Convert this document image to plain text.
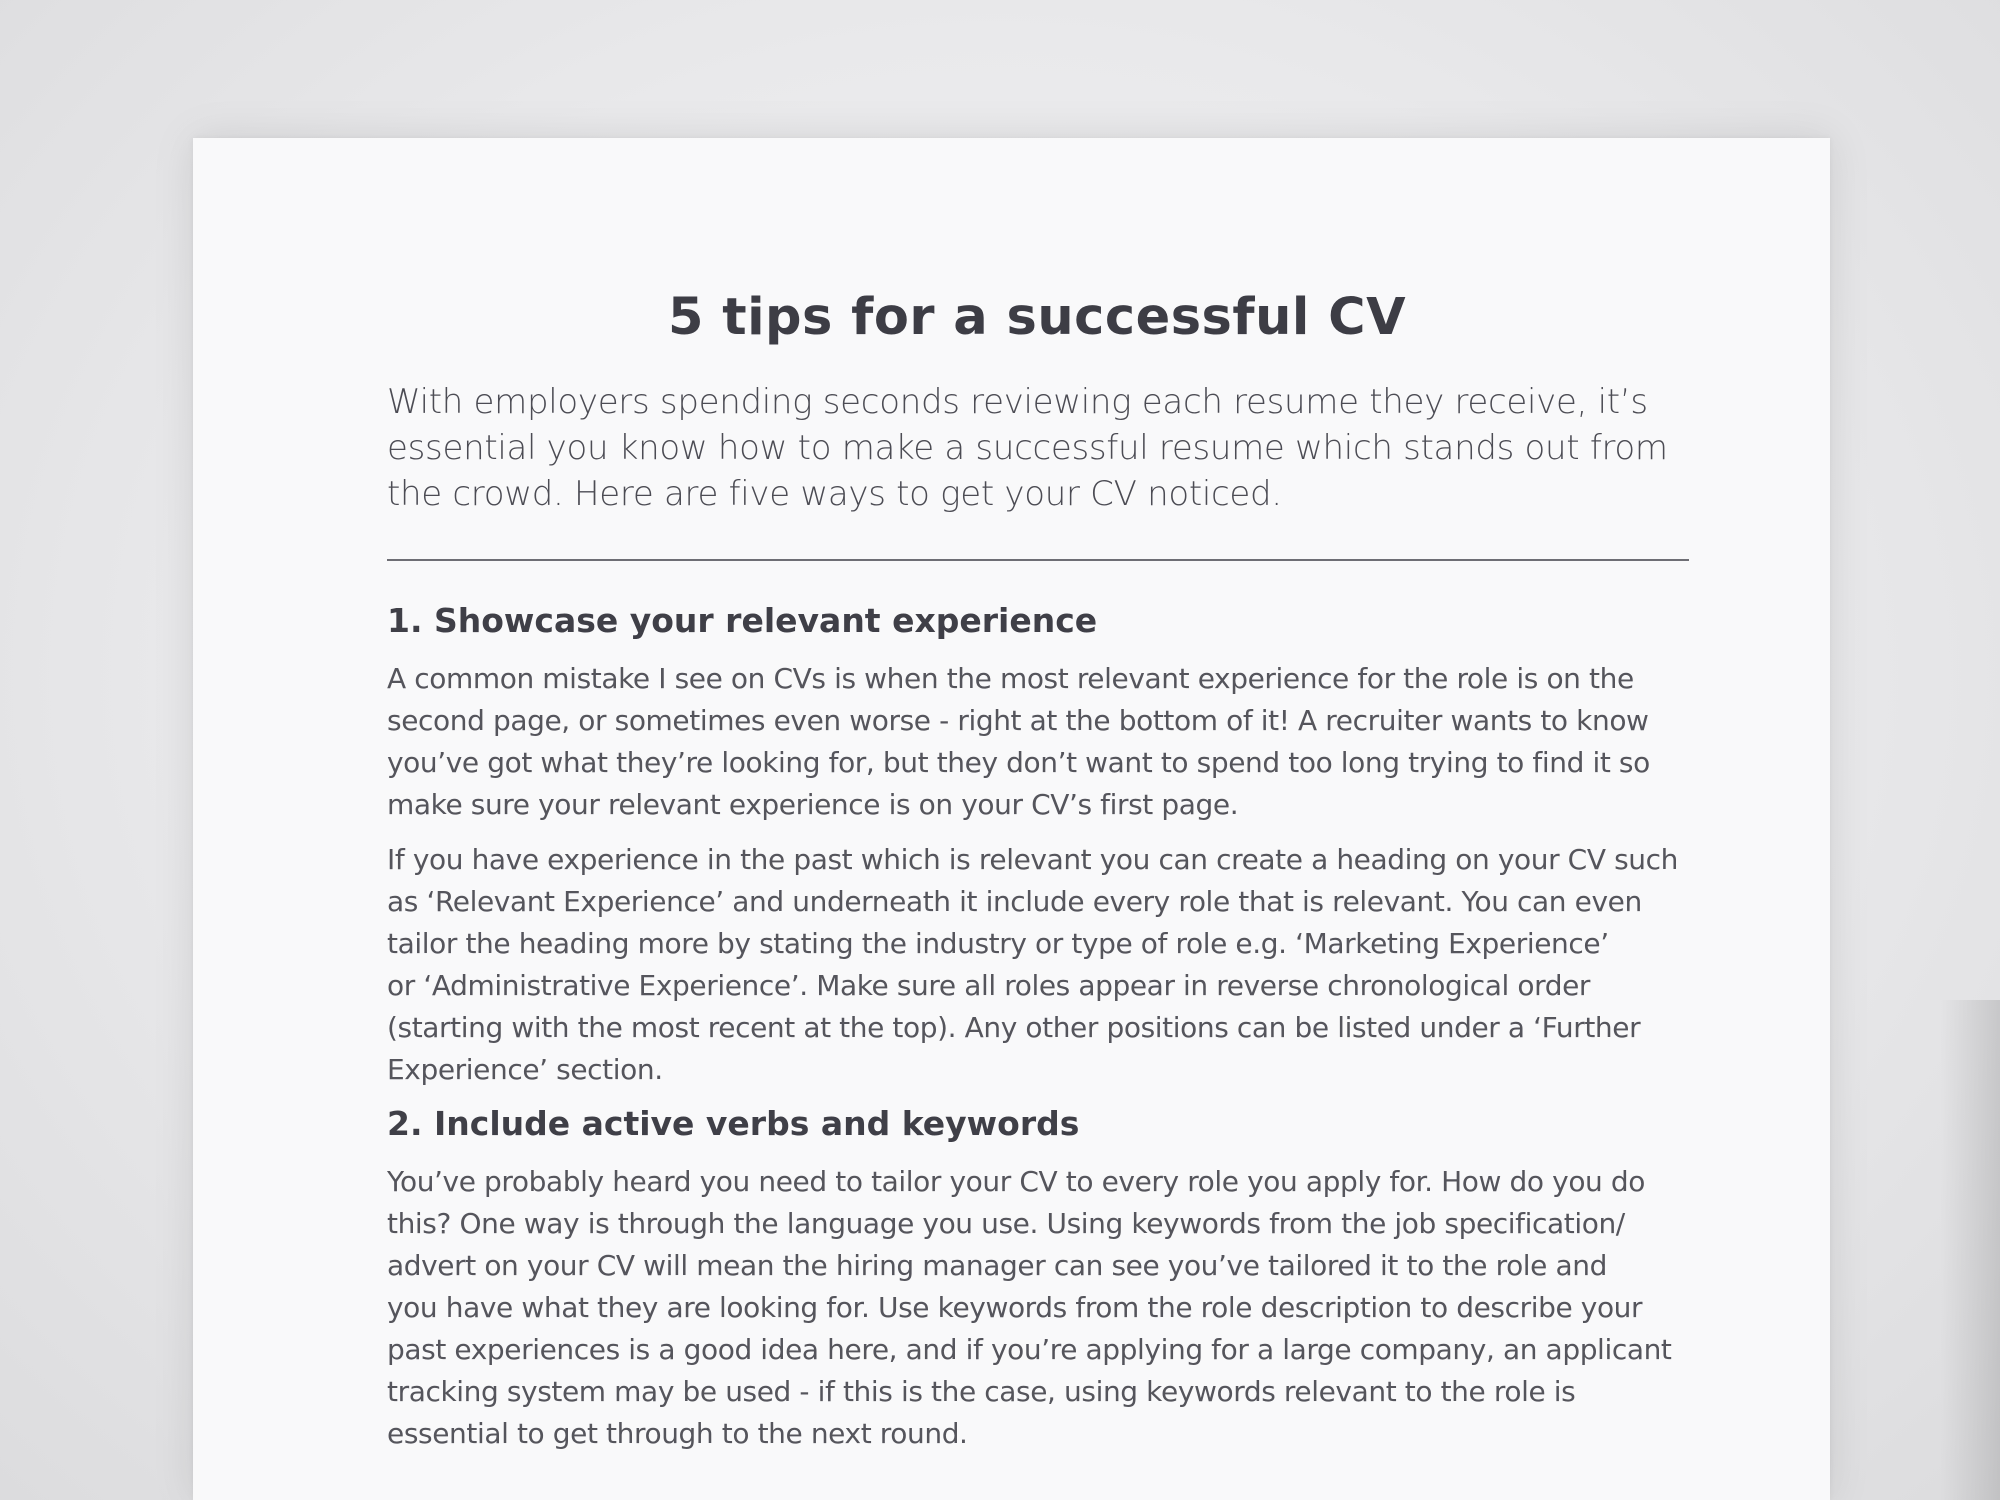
5 tips for a successful CV

With employers spending seconds reviewing each resume they receive, it’s
essential you know how to make a successful resume which stands out from
the crowd. Here are five ways to get your CV noticed.

1. Showcase your relevant experience

A common mistake I see on CVs is when the most relevant experience for the role is on the
second page, or sometimes even worse - right at the bottom of it! A recruiter wants to know
you’ve got what they’re looking for, but they don’t want to spend too long trying to find it so
make sure your relevant experience is on your CV’s first page.

If you have experience in the past which is relevant you can create a heading on your CV such
as ‘Relevant Experience’ and underneath it include every role that is relevant. You can even
tailor the heading more by stating the industry or type of role e.g. ‘Marketing Experience’
or ‘Administrative Experience’. Make sure all roles appear in reverse chronological order
(starting with the most recent at the top). Any other positions can be listed under a ‘Further
Experience’ section.

2. Include active verbs and keywords

You’ve probably heard you need to tailor your CV to every role you apply for. How do you do
this? One way is through the language you use. Using keywords from the job specification/
advert on your CV will mean the hiring manager can see you’ve tailored it to the role and
you have what they are looking for. Use keywords from the role description to describe your
past experiences is a good idea here, and if you’re applying for a large company, an applicant
tracking system may be used - if this is the case, using keywords relevant to the role is
essential to get through to the next round.
